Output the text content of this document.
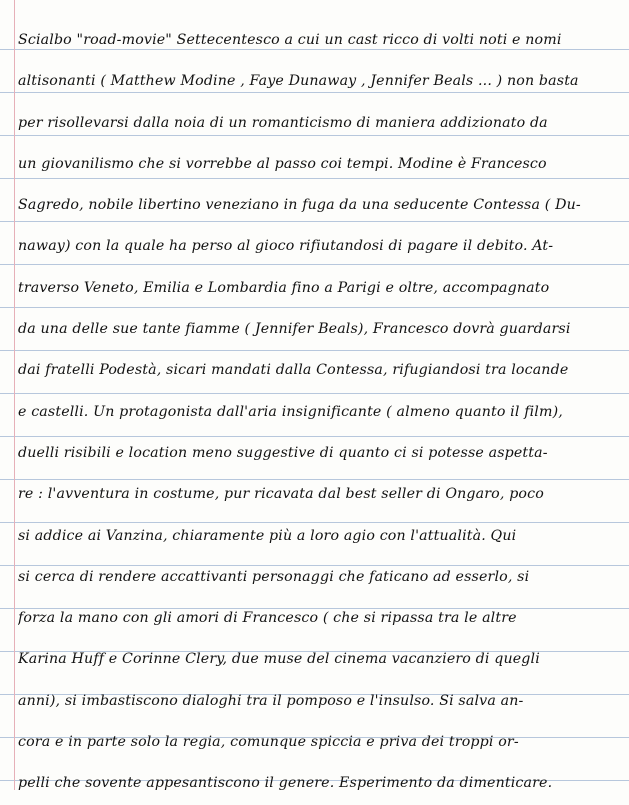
Scialbo "road-movie" Settecentesco a cui un cast ricco di volti noti e nomi
altisonanti ( Matthew Modine , Faye Dunaway , Jennifer Beals ... ) non basta
per risollevarsi dalla noia di un romanticismo di maniera addizionato da
un giovanilismo che si vorrebbe al passo coi tempi. Modine è Francesco
Sagredo, nobile libertino veneziano in fuga da una seducente Contessa ( Du-
naway) con la quale ha perso al gioco rifiutandosi di pagare il debito. At-
traverso Veneto, Emilia e Lombardia fino a Parigi e oltre, accompagnato
da una delle sue tante fiamme ( Jennifer Beals), Francesco dovrà guardarsi
dai fratelli Podestà, sicari mandati dalla Contessa, rifugiandosi tra locande
e castelli. Un protagonista dall'aria insignificante ( almeno quanto il film),
duelli risibili e location meno suggestive di quanto ci si potesse aspetta-
re : l'avventura in costume, pur ricavata dal best seller di Ongaro, poco
si addice ai Vanzina, chiaramente più a loro agio con l'attualità. Qui
si cerca di rendere accattivanti personaggi che faticano ad esserlo, si
forza la mano con gli amori di Francesco ( che si ripassa tra le altre
Karina Huff e Corinne Clery, due muse del cinema vacanziero di quegli
anni), si imbastiscono dialoghi tra il pomposo e l'insulso. Si salva an-
cora e in parte solo la regia, comunque spiccia e priva dei troppi or-
pelli che sovente appesantiscono il genere. Esperimento da dimenticare.
